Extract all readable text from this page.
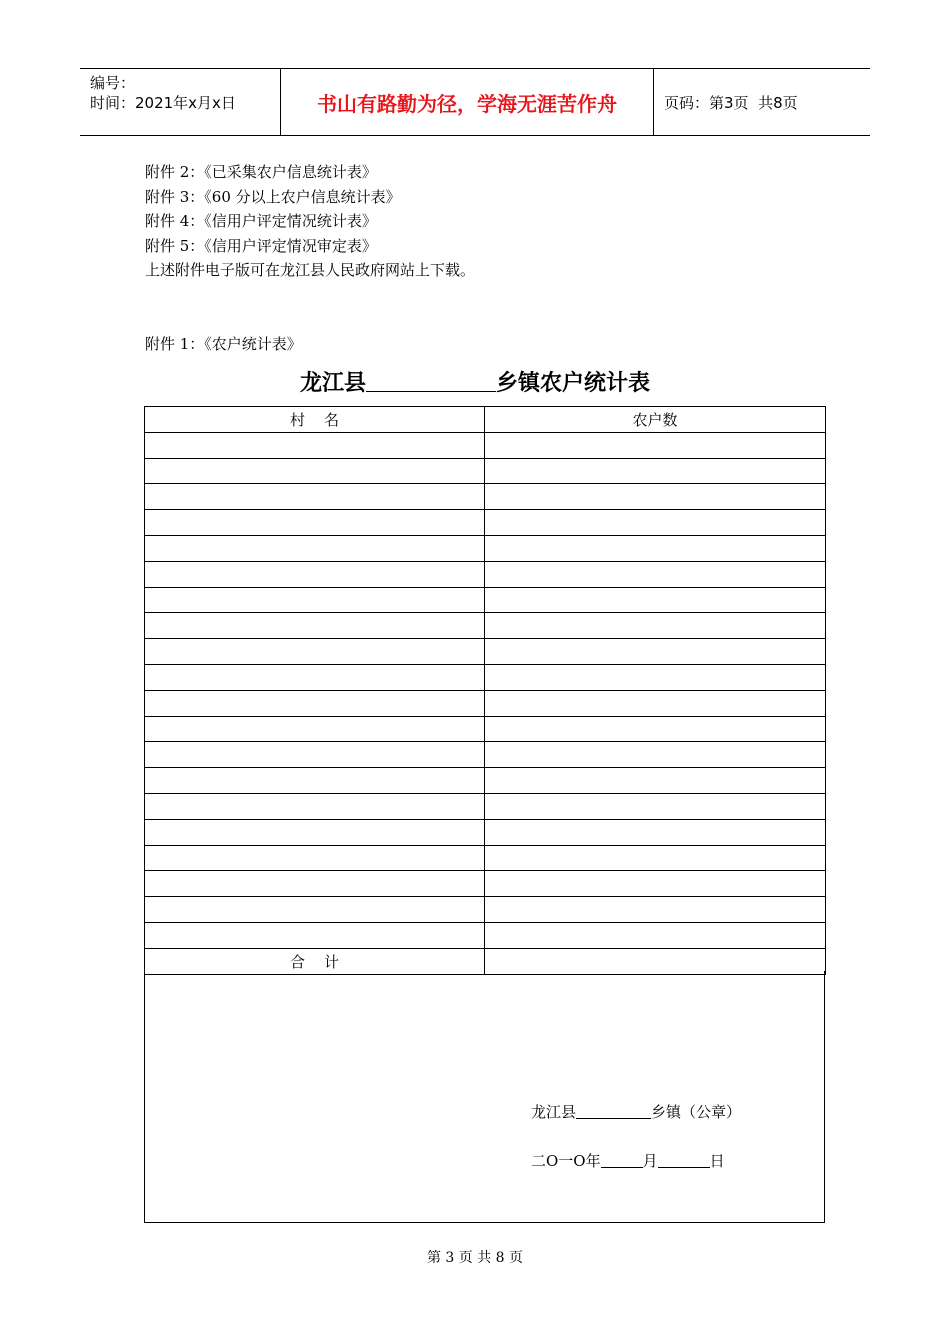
编号：
时间：2021年x月x日	书山有路勤为径，学海无涯苦作舟	页码：第3页  共8页
附件 2：《已采集农户信息统计表》
附件 3：《60 分以上农户信息统计表》
附件 4：《信用户评定情况统计表》
附件 5：《信用户评定情况审定表》
上述附件电子版可在龙江县人民政府网站上下载。
附件 1：《农户统计表》
龙江县	乡镇农户统计表
村    名	农户数

合    计	
龙江县	乡镇（公章）
二O一O年	月	日
第 3 页 共 8 页
